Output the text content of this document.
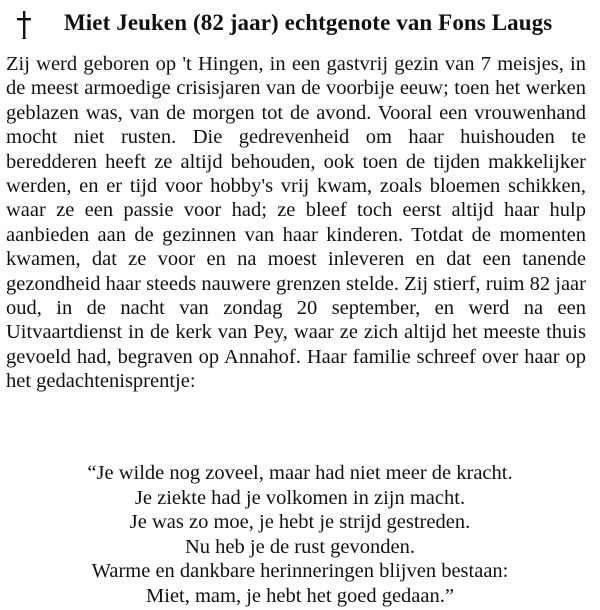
Miet Jeuken (82 jaar) echtgenote van Fons Laugs

Zij werd geboren op 't Hingen, in een gastvrij gezin van 7 meisjes, in de meest armoedige crisisjaren van de voorbije eeuw; toen het werken geblazen was, van de morgen tot de avond. Vooral een vrouwenhand mocht niet rusten. Die gedrevenheid om haar huishouden te beredderen heeft ze altijd behouden, ook toen de tijden makkelijker werden, en er tijd voor hobby's vrij kwam, zoals bloemen schikken, waar ze een passie voor had; ze bleef toch eerst altijd haar hulp aanbieden aan de gezinnen van haar kinderen. Totdat de momenten kwamen, dat ze voor en na moest inleveren en dat een tanende gezondheid haar steeds nauwere grenzen stelde. Zij stierf, ruim 82 jaar oud, in de nacht van zondag 20 september, en werd na een Uitvaartdienst in de kerk van Pey, waar ze zich altijd het meeste thuis gevoeld had, begraven op Annahof. Haar familie schreef over haar op het gedachtenisprentje:

“Je wilde nog zoveel, maar had niet meer de kracht.
Je ziekte had je volkomen in zijn macht.
Je was zo moe, je hebt je strijd gestreden.
Nu heb je de rust gevonden.
Warme en dankbare herinneringen blijven bestaan:
Miet, mam, je hebt het goed gedaan.”
